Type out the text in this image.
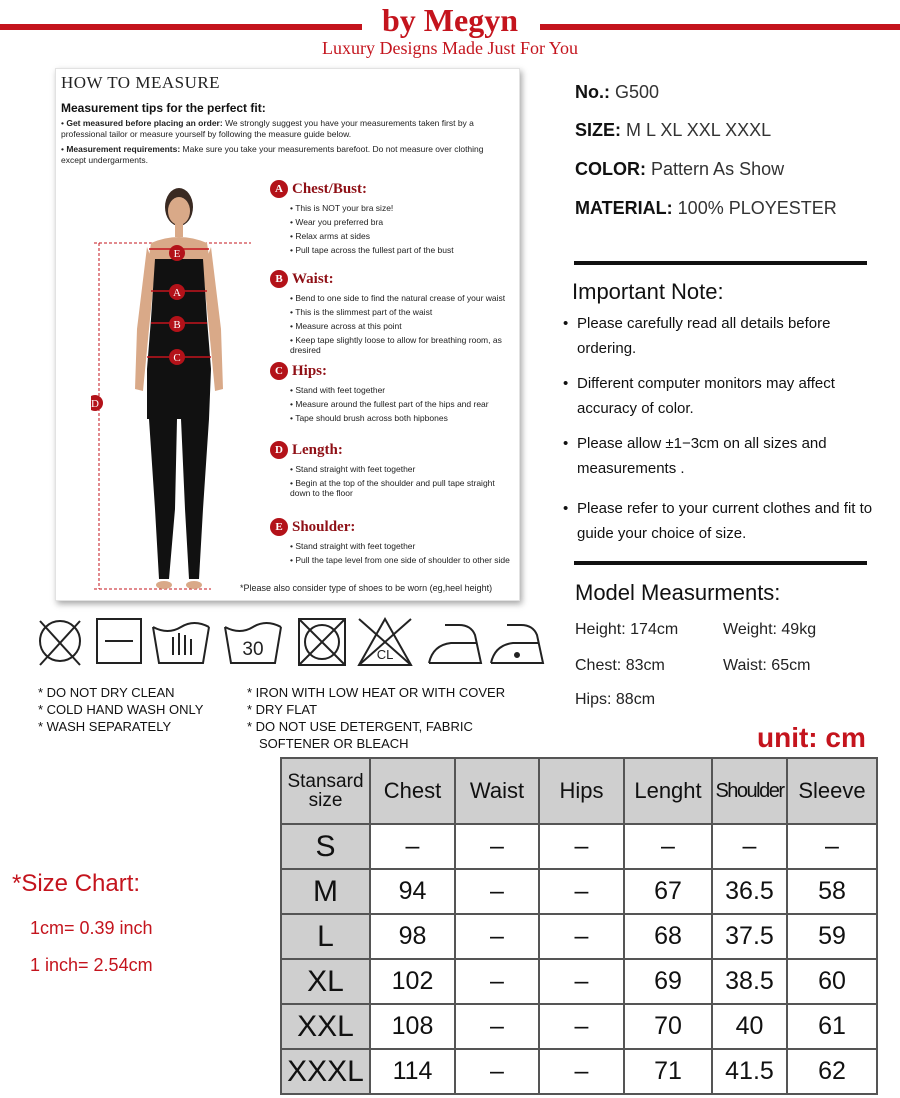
by Megyn
Luxury Designs Made Just For You
HOW TO MEASURE
Measurement tips for the perfect fit:
• Get measured before placing an order: We strongly suggest you have your measurements taken first by a professional tailor or measure yourself by following the measure guide below.
• Measurement requirements: Make sure you take your measurements barefoot. Do not measure over clothing except undergarments.
E
A
B
C
D
A Chest/Bust:
• This is NOT your bra size!
• Wear you preferred bra
• Relax arms at sides
• Pull tape across the fullest part of the bust
B Waist:
• Bend to one side to find the natural crease of your waist
• This is the slimmest part of the waist
• Measure across at this point
• Keep tape slightly loose to allow for breathing room, as dresired
C Hips:
• Stand with feet together
• Measure around the fullest part of the hips and rear
• Tape should brush across both hipbones
D Length:
• Stand straight with feet together
• Begin at the top of the shoulder and pull tape straight down to the floor
E Shoulder:
• Stand straight with feet together
• Pull the tape level from one side of shoulder to other side
*Please also consider type of shoes to be worn (eg,heel height)
No.: G500
SIZE: M L XL XXL XXXL
COLOR: Pattern As Show
MATERIAL: 100% PLOYESTER
Important Note:
• Please carefully read all details before ordering.
• Different computer monitors may affect accuracy of color.
• Please allow ±1−3cm on all sizes and measurements .
• Please refer to your current clothes and fit to guide your choice of size.
Model Measurments:
Height: 174cm	Weight: 49kg
Chest: 83cm	Waist: 65cm
Hips: 88cm
30	CL
* DO NOT DRY CLEAN
* COLD HAND WASH ONLY
* WASH SEPARATELY
* IRON WITH LOW HEAT OR WITH COVER
* DRY FLAT
* DO NOT USE DETERGENT, FABRIC
SOFTENER OR BLEACH	unit: cm
*Size Chart:
1cm= 0.39 inch
1 inch= 2.54cm
Stansard size	Chest	Waist	Hips	Lenght	Shoulder	Sleeve
S	–	–	–	–	–	–
M	94	–	–	67	36.5	58
L	98	–	–	68	37.5	59
XL	102	–	–	69	38.5	60
XXL	108	–	–	70	40	61
XXXL	114	–	–	71	41.5	62
